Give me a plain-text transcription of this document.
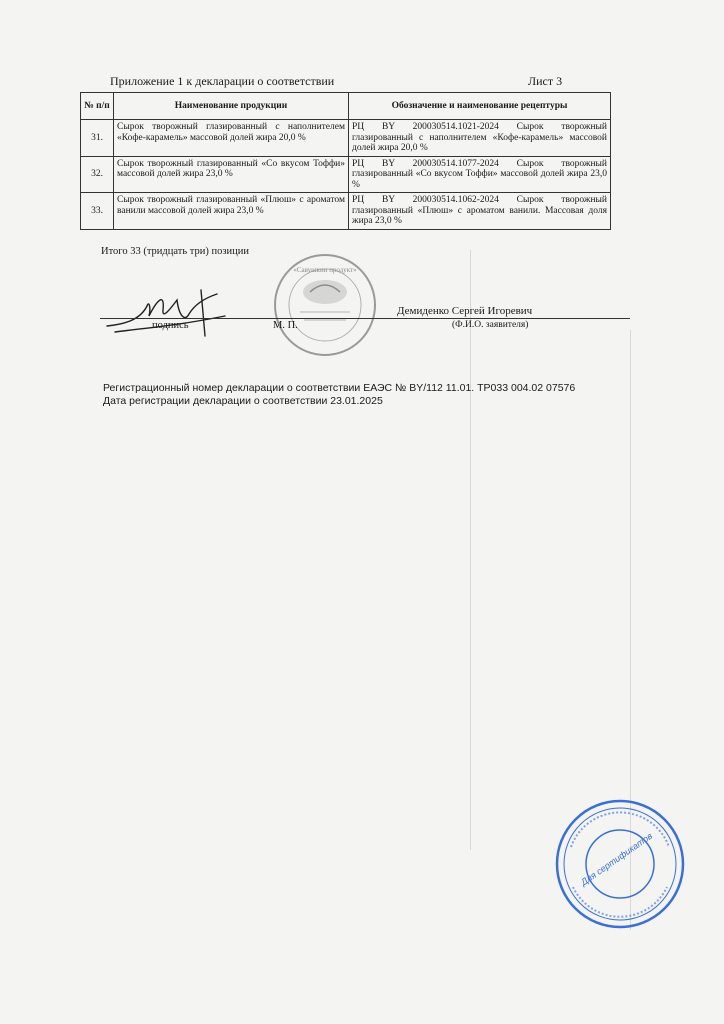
Приложение 1 к декларации о соответствии	Лист 3
№ п/п	Наименование продукции	Обозначение и наименование рецептуры
31.	Сырок творожный глазированный с наполнителем «Кофе-карамель» массовой долей жира 20,0 %	РЦ BY 200030514.1021-2024 Сырок творожный глазированный с наполнителем «Кофе-карамель» массовой долей жира 20,0 %
32.	Сырок творожный глазированный «Со вкусом Тоффи» массовой долей жира 23,0 %	РЦ BY 200030514.1077-2024 Сырок творожный глазированный «Со вкусом Тоффи» массовой долей жира 23,0 %
33.	Сырок творожный глазированный «Плюш» с ароматом ванили массовой долей жира 23,0 %	РЦ BY 200030514.1062-2024 Сырок творожный глазированный «Плюш» с ароматом ванили. Массовая доля жира 23,0 %
Итого 33 (тридцать три) позиции
«Савушкин продукт»
подпись	М. П.
Демиденко Сергей Игоревич
(Ф.И.О. заявителя)
Регистрационный номер декларации о соответствии ЕАЭС № BY/112 11.01. ТР033 004.02 07576
Дата регистрации декларации о соответствии 23.01.2025
Для сертификатов
